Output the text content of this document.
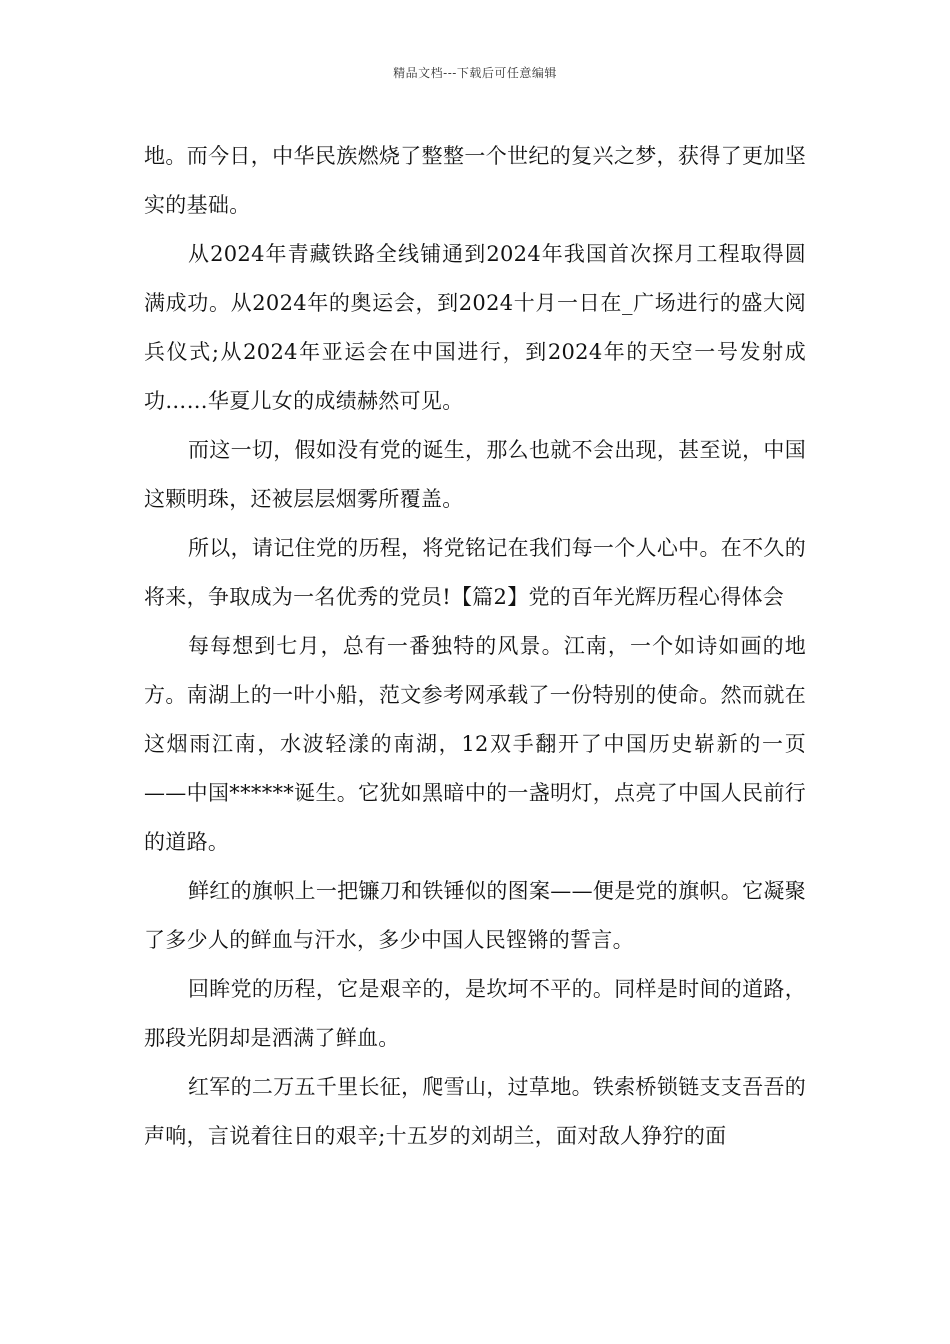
精品文档---下载后可任意编辑

地。而今日，中华民族燃烧了整整一个世纪的复兴之梦，获得了更加坚实的基础。

从2024年青藏铁路全线铺通到2024年我国首次探月工程取得圆满成功。从2024年的奥运会，到2024十月一日在_广场进行的盛大阅兵仪式;从2024年亚运会在中国进行，到2024年的天空一号发射成功……华夏儿女的成绩赫然可见。

而这一切，假如没有党的诞生，那么也就不会出现，甚至说，中国这颗明珠，还被层层烟雾所覆盖。

所以，请记住党的历程，将党铭记在我们每一个人心中。在不久的将来，争取成为一名优秀的党员!【篇2】党的百年光辉历程心得体会

每每想到七月，总有一番独特的风景。江南，一个如诗如画的地方。南湖上的一叶小船，范文参考网承载了一份特别的使命。然而就在这烟雨江南，水波轻漾的南湖，12双手翻开了中国历史崭新的一页——中国******诞生。它犹如黑暗中的一盏明灯，点亮了中国人民前行的道路。

鲜红的旗帜上一把镰刀和铁锤似的图案——便是党的旗帜。它凝聚了多少人的鲜血与汗水，多少中国人民铿锵的誓言。

回眸党的历程，它是艰辛的，是坎坷不平的。同样是时间的道路，那段光阴却是洒满了鲜血。

红军的二万五千里长征，爬雪山，过草地。铁索桥锁链支支吾吾的声响，言说着往日的艰辛;十五岁的刘胡兰，面对敌人狰狞的面
